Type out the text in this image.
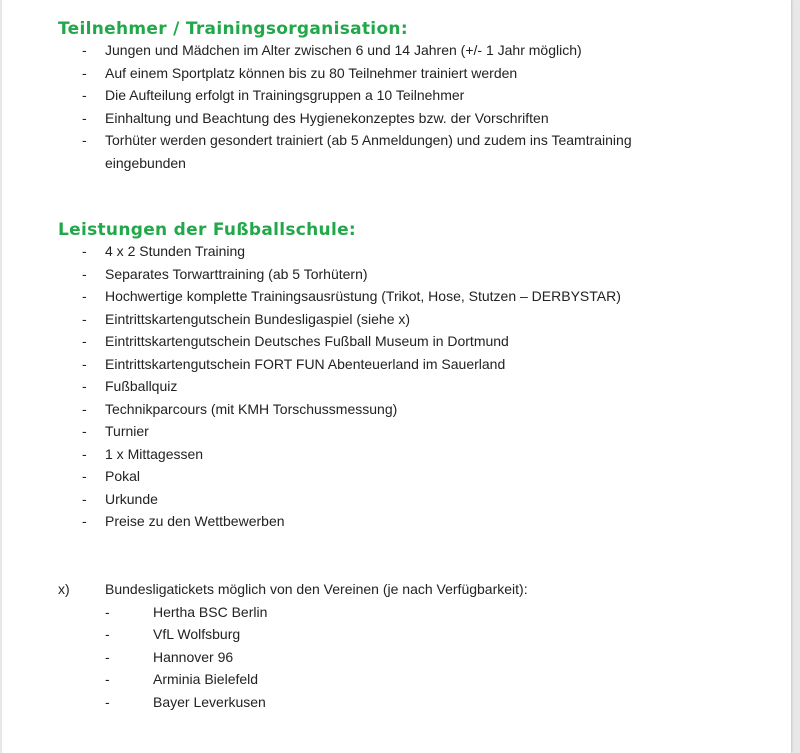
Teilnehmer / Trainingsorganisation:
- Jungen und Mädchen im Alter zwischen 6 und 14 Jahren (+/- 1 Jahr möglich)
- Auf einem Sportplatz können bis zu 80 Teilnehmer trainiert werden
- Die Aufteilung erfolgt in Trainingsgruppen a 10 Teilnehmer
- Einhaltung und Beachtung des Hygienekonzeptes bzw. der Vorschriften
- Torhüter werden gesondert trainiert (ab 5 Anmeldungen) und zudem ins Teamtraining eingebunden
Leistungen der Fußballschule:
- 4 x 2 Stunden Training
- Separates Torwarttraining (ab 5 Torhütern)
- Hochwertige komplette Trainingsausrüstung (Trikot, Hose, Stutzen – DERBYSTAR)
- Eintrittskartengutschein Bundesligaspiel (siehe x)
- Eintrittskartengutschein Deutsches Fußball Museum in Dortmund
- Eintrittskartengutschein FORT FUN Abenteuerland im Sauerland
- Fußballquiz
- Technikparcours (mit KMH Torschussmessung)
- Turnier
- 1 x Mittagessen
- Pokal
- Urkunde
- Preise zu den Wettbewerben
x)	Bundesligatickets möglich von den Vereinen (je nach Verfügbarkeit):
-	Hertha BSC Berlin
-	VfL Wolfsburg
-	Hannover 96
-	Arminia Bielefeld
-	Bayer Leverkusen
